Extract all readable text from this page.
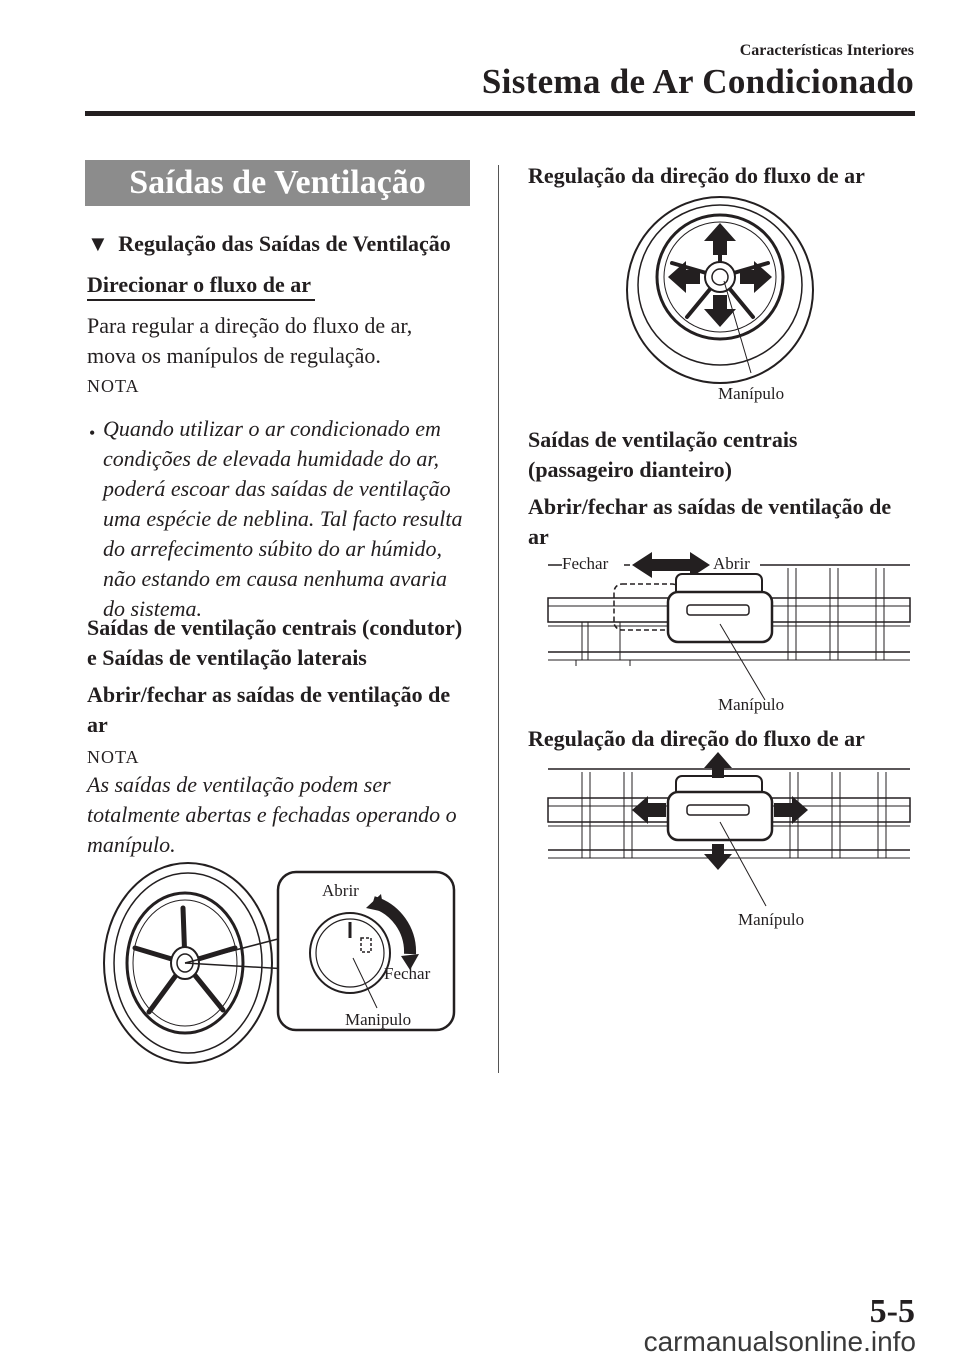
Características Interiores
Sistema de Ar Condicionado
Saídas de Ventilação
▼ Regulação das Saídas de Ventilação
Direcionar o fluxo de ar
Para regular a direção do fluxo de ar,
mova os manípulos de regulação.
NOTA
• Quando utilizar o ar condicionado em
condições de elevada humidade do ar,
poderá escoar das saídas de ventilação
uma espécie de neblina. Tal facto resulta
do arrefecimento súbito do ar húmido,
não estando em causa nenhuma avaria
do sistema.
Saídas de ventilação centrais (condutor)
e Saídas de ventilação laterais
Abrir/fechar as saídas de ventilação de
ar
NOTA
As saídas de ventilação podem ser
totalmente abertas e fechadas operando o
manípulo.
Abrir
Fechar
Manipulo
Regulação da direção do fluxo de ar
Manípulo
Saídas de ventilação centrais
(passageiro dianteiro)
Abrir/fechar as saídas de ventilação de
ar
Fechar	Abrir
Manípulo
Regulação da direção do fluxo de ar
Manípulo
5-5
carmanualsonline.info
